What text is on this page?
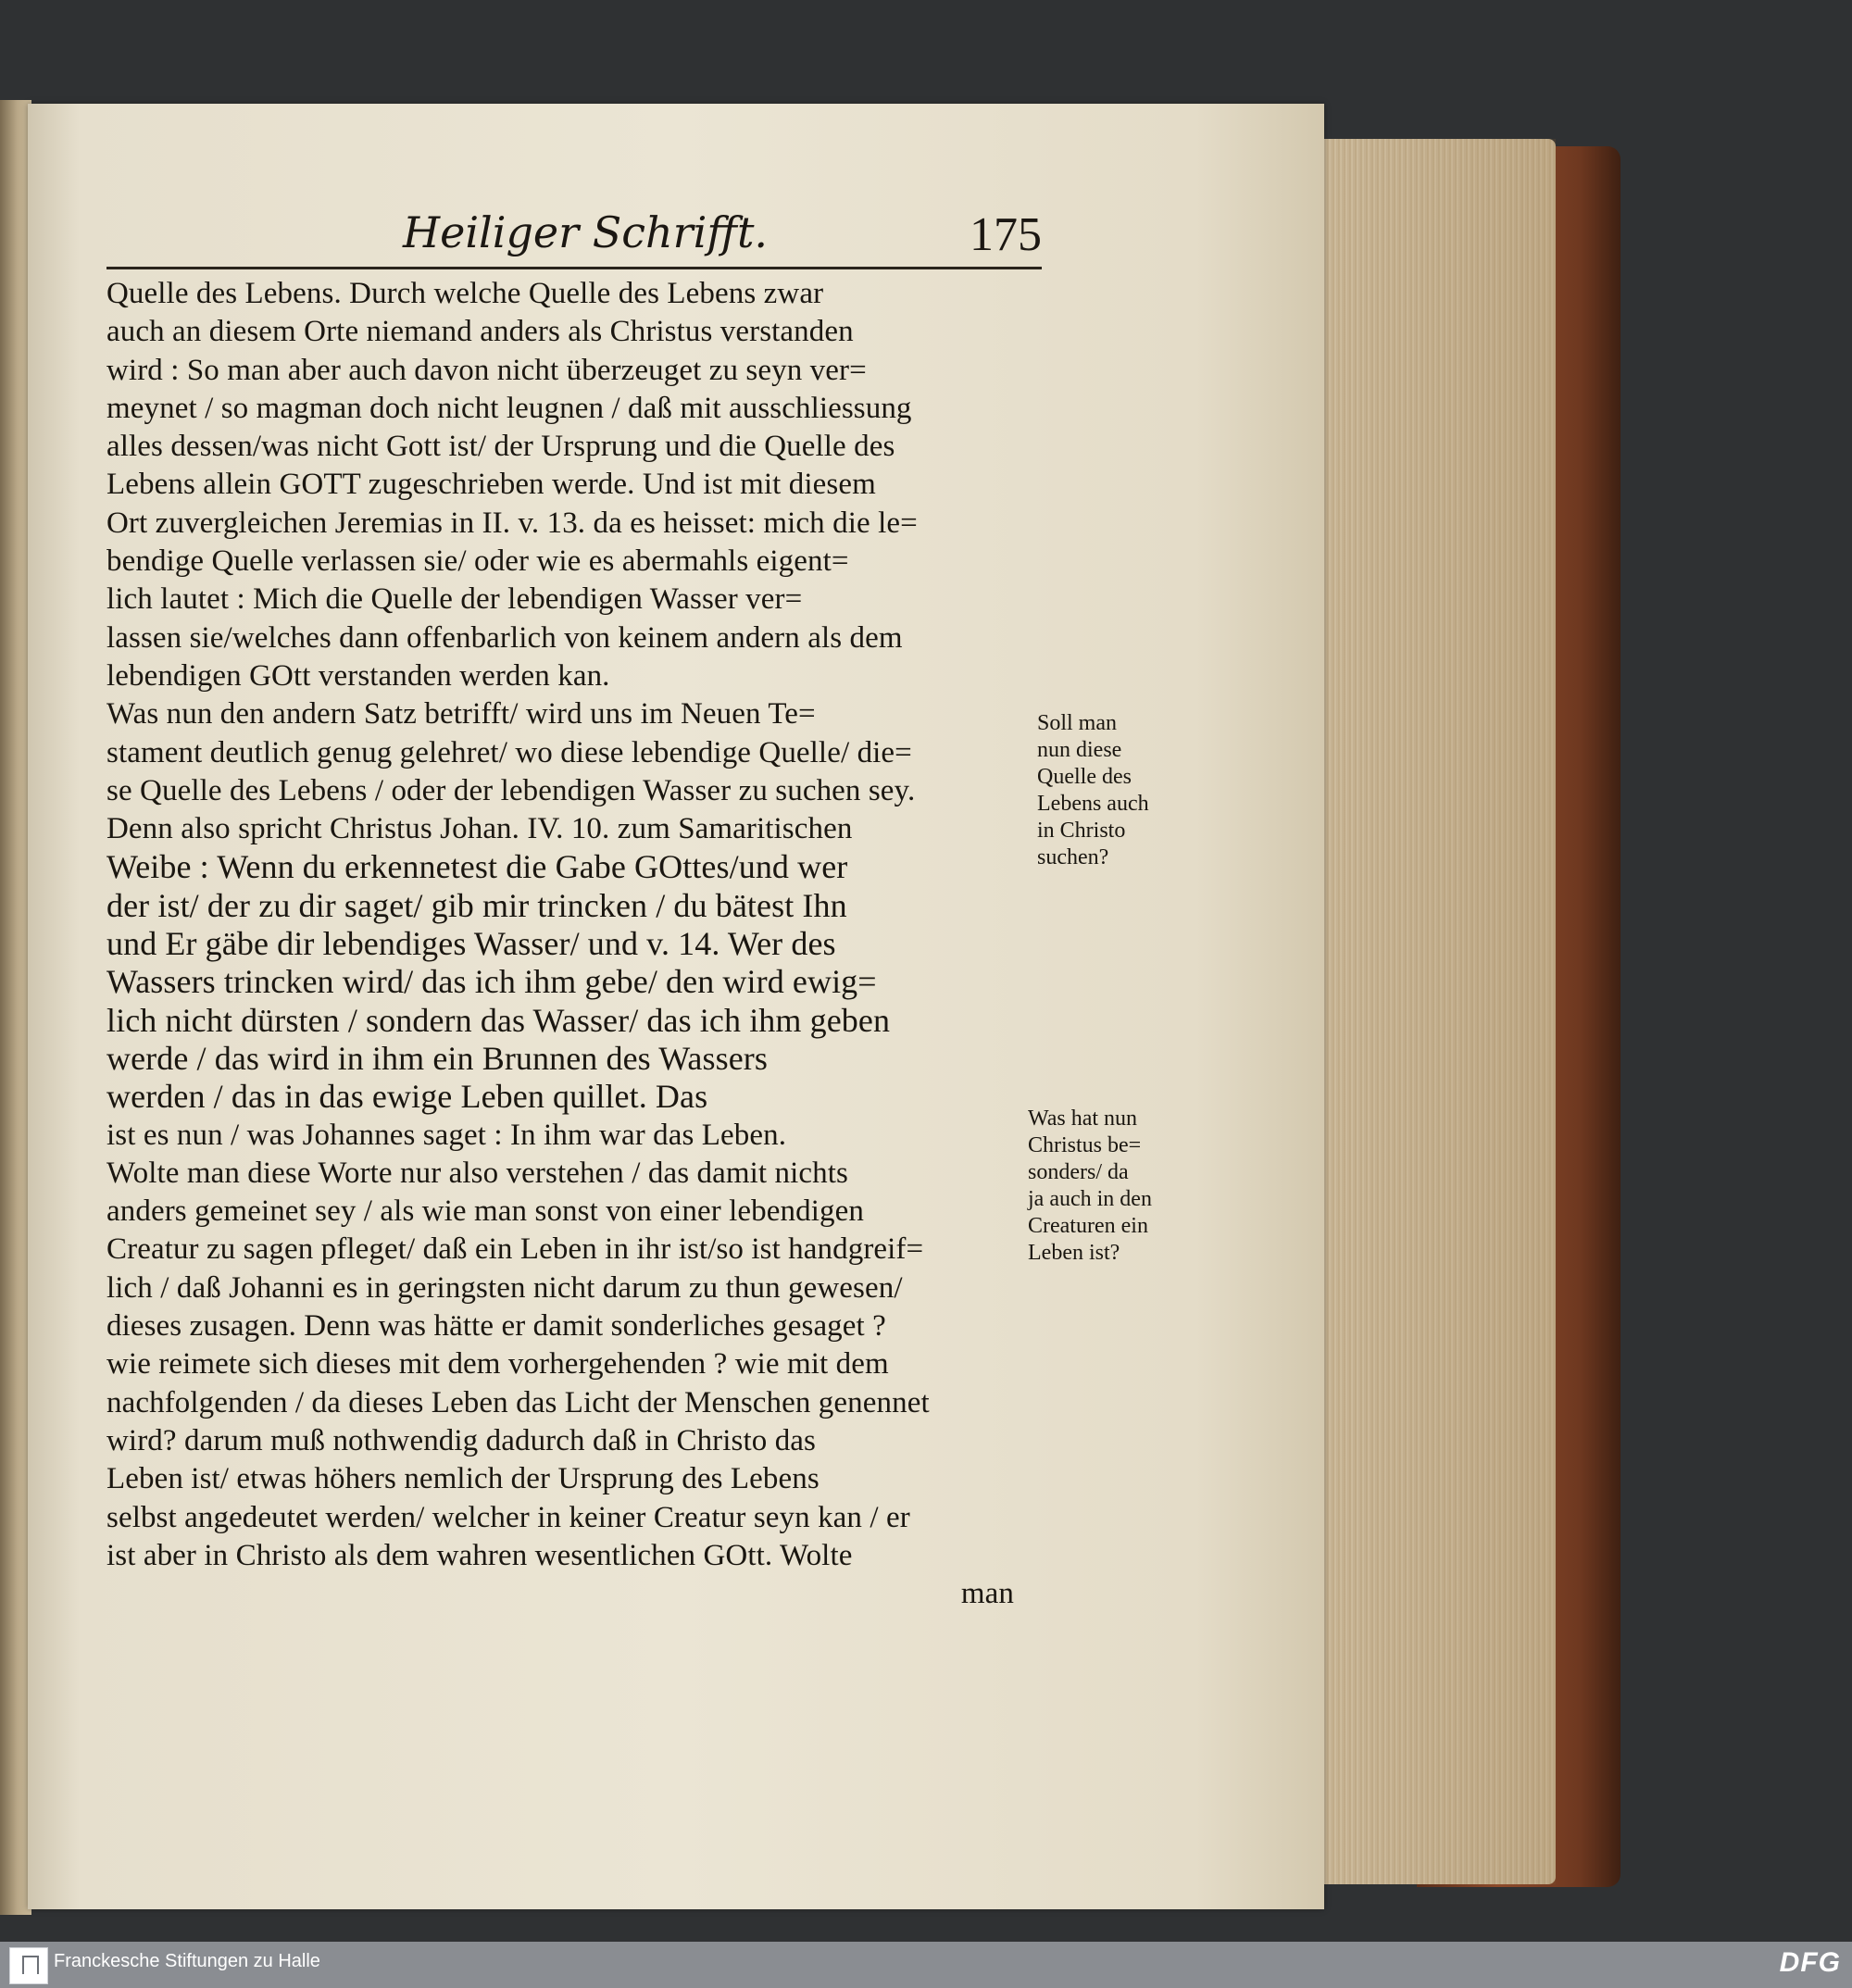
Heiliger Schrifft.	175
Quelle des Lebens. Durch welche Quelle des Lebens zwar
auch an diesem Orte niemand anders als Christus verstanden
wird : So man aber auch davon nicht überzeuget zu seyn ver=
meynet / so magman doch nicht leugnen / daß mit ausschliessung
alles dessen/was nicht Gott ist/ der Ursprung und die Quelle des
Lebens allein GOTT zugeschrieben werde. Und ist mit diesem
Ort zuvergleichen Jeremias in II. v. 13. da es heisset: mich die le=
bendige Quelle verlassen sie/ oder wie es abermahls eigent=
lich lautet : Mich die Quelle der lebendigen Wasser ver=
lassen sie/welches dann offenbarlich von keinem andern als dem
lebendigen GOtt verstanden werden kan.
Was nun den andern Satz betrifft/ wird uns im Neuen Te=
stament deutlich genug gelehret/ wo diese lebendige Quelle/ die=
se Quelle des Lebens / oder der lebendigen Wasser zu suchen sey.
Denn also spricht Christus Johan. IV. 10. zum Samaritischen
Weibe : Wenn du erkennetest die Gabe GOttes/und wer
der ist/ der zu dir saget/ gib mir trincken / du bätest Ihn
und Er gäbe dir lebendiges Wasser/ und v. 14. Wer des
Wassers trincken wird/ das ich ihm gebe/ den wird ewig=
lich nicht dürsten / sondern das Wasser/ das ich ihm geben
werde / das wird in ihm ein Brunnen des Wassers
werden / das in das ewige Leben quillet. Das
ist es nun / was Johannes saget : In ihm war das Leben.
Wolte man diese Worte nur also verstehen / das damit nichts
anders gemeinet sey / als wie man sonst von einer lebendigen
Creatur zu sagen pfleget/ daß ein Leben in ihr ist/so ist handgreif=
lich / daß Johanni es in geringsten nicht darum zu thun gewesen/
dieses zusagen. Denn was hätte er damit sonderliches gesaget ?
wie reimete sich dieses mit dem vorhergehenden ? wie mit dem
nachfolgenden / da dieses Leben das Licht der Menschen genennet
wird? darum muß nothwendig dadurch daß in Christo das
Leben ist/ etwas höhers nemlich der Ursprung des Lebens
selbst angedeutet werden/ welcher in keiner Creatur seyn kan / er
ist aber in Christo als dem wahren wesentlichen GOtt. Wolte
man
Soll man
nun diese
Quelle des
Lebens auch
in Christo
suchen?
Was hat nun
Christus be=
sonders/ da
ja auch in den
Creaturen ein
Leben ist?
Franckesche Stiftungen zu Halle	DFG
